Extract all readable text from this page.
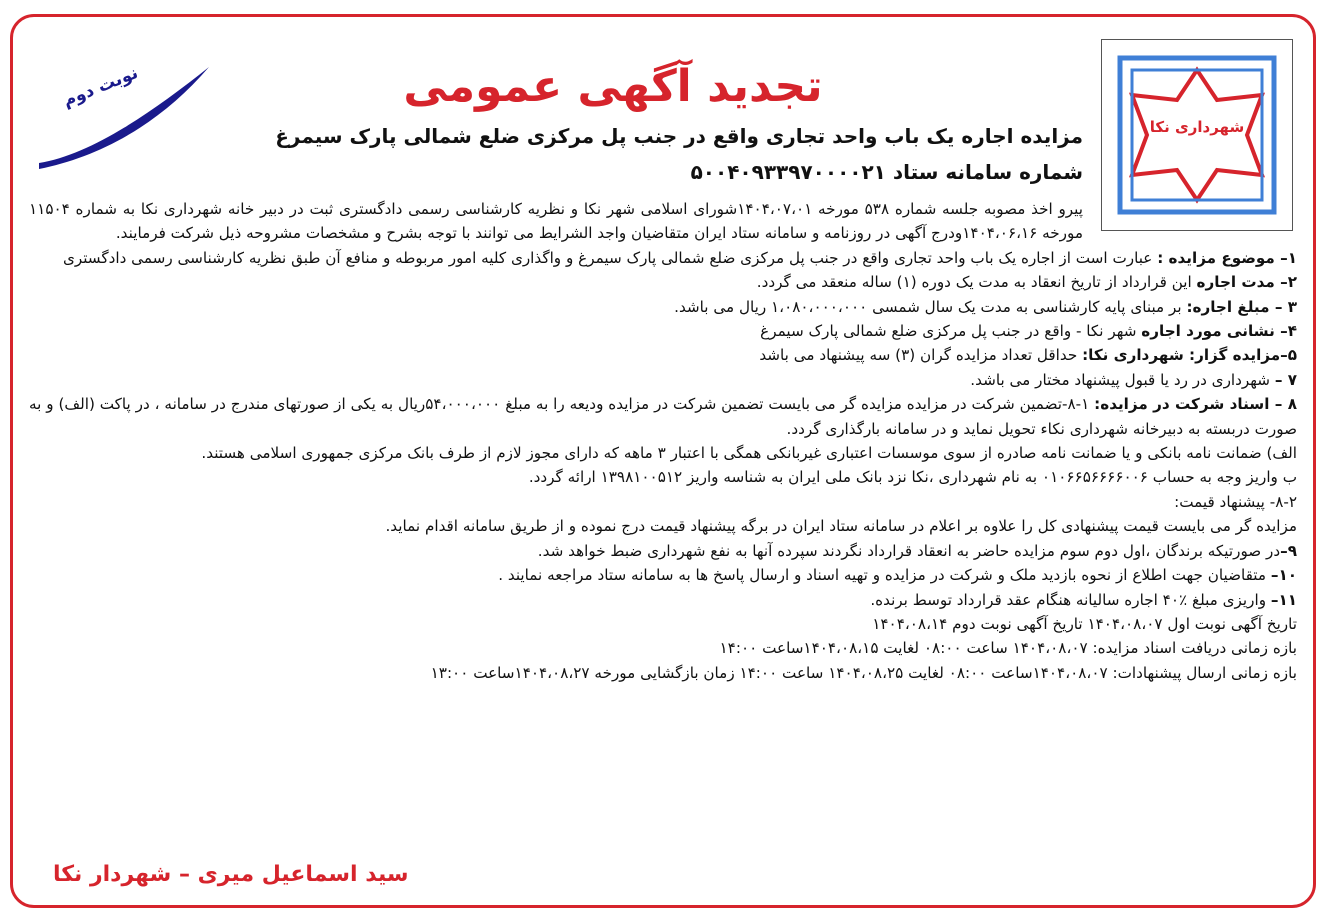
شهرداری نکا
نوبت دوم	تجدید آگهی عمومی
مزایده اجاره یک باب واحد تجاری واقع در جنب پل مرکزی ضلع شمالی پارک سیمرغ
شماره سامانه ستاد ۵۰۰۴۰۹۳۳۹۷۰۰۰۰۲۱

پیرو اخذ مصوبه جلسه شماره ۵۳۸ مورخه ۱۴۰۴،۰۷،۰۱شورای اسلامی شهر نکا و نظریه کارشناسی رسمی دادگستری ثبت در دبیر خانه شهرداری نکا به شماره ۱۱۵۰۴ مورخه ۱۴۰۴،۰۶،۱۶ودرج آگهی در روزنامه و سامانه ستاد ایران متقاضیان واجد الشرایط می توانند با توجه بشرح و مشخصات مشروحه ذیل شرکت فرمایند.

۱– موضوع مزایده : عبارت است از اجاره یک باب واحد تجاری واقع در جنب پل مرکزی ضلع شمالی پارک سیمرغ و واگذاری کلیه امور مربوطه و منافع آن طبق نظریه کارشناسی رسمی دادگستری

۲– مدت اجاره این قرارداد از تاریخ انعقاد به مدت یک دوره (۱) ساله منعقد می گردد.

۳ – مبلغ اجاره: بر مبنای پایه کارشناسی به مدت یک سال شمسی ۱،۰۸۰،۰۰۰،۰۰۰ ریال می باشد.

۴– نشانی مورد اجاره شهر نکا - واقع در جنب پل مرکزی ضلع شمالی پارک سیمرغ

۵–مزایده گزار: شهرداری نکا: حداقل تعداد مزایده گران (۳) سه پیشنهاد می باشد

۷ – شهرداری در رد یا قبول پیشنهاد مختار می باشد.

۸ – اسناد شرکت در مزایده: ۱-۸-تضمین شرکت در مزایده مزایده گر می بایست تضمین شرکت در مزایده ودیعه را به مبلغ ۵۴،۰۰۰،۰۰۰ریال به یکی از صورتهای مندرج در سامانه ، در پاکت (الف) و به صورت دربسته به دبیرخانه شهرداری نکاء تحویل نماید و در سامانه بارگذاری گردد.

الف) ضمانت نامه بانکی و یا ضمانت نامه صادره از سوی موسسات اعتباری غیربانکی همگی با اعتبار ۳ ماهه که دارای مجوز لازم از طرف بانک مرکزی جمهوری اسلامی هستند.

ب واریز وجه به حساب ۰۱۰۶۶۵۶۶۶۶۰۰۶ به نام شهرداری ،نکا نزد بانک ملی ایران به شناسه واریز ۱۳۹۸۱۰۰۵۱۲ ارائه گردد.

۸-۲- پیشنهاد قیمت:

مزایده گر می بایست قیمت پیشنهادی کل را علاوه بر اعلام در سامانه ستاد ایران در برگه پیشنهاد قیمت درج نموده و از طریق سامانه اقدام نماید.

۹–در صورتیکه برندگان ،اول دوم سوم مزایده حاضر به انعقاد قرارداد نگردند سپرده آنها به نفع شهرداری ضبط خواهد شد.

۱۰– متقاضیان جهت اطلاع از نحوه بازدید ملک و شرکت در مزایده و تهیه اسناد و ارسال پاسخ ها به سامانه ستاد مراجعه نمایند .

۱۱– واریزی مبلغ ٪۴۰ اجاره سالیانه هنگام عقد قرارداد توسط برنده.

تاریخ آگهی نوبت اول ۱۴۰۴،۰۸،۰۷ تاریخ آگهی نوبت دوم ۱۴۰۴،۰۸،۱۴

بازه زمانی دریافت اسناد مزایده: ۱۴۰۴،۰۸،۰۷ ساعت ۰۸:۰۰ لغایت ۱۴۰۴،۰۸،۱۵ساعت ۱۴:۰۰

بازه زمانی ارسال پیشنهادات: ۱۴۰۴،۰۸،۰۷ساعت ۰۸:۰۰ لغایت ۱۴۰۴،۰۸،۲۵ ساعت ۱۴:۰۰ زمان بازگشایی مورخه ۱۴۰۴،۰۸،۲۷ساعت ۱۳:۰۰

سید اسماعیل میری – شهردار نکا
